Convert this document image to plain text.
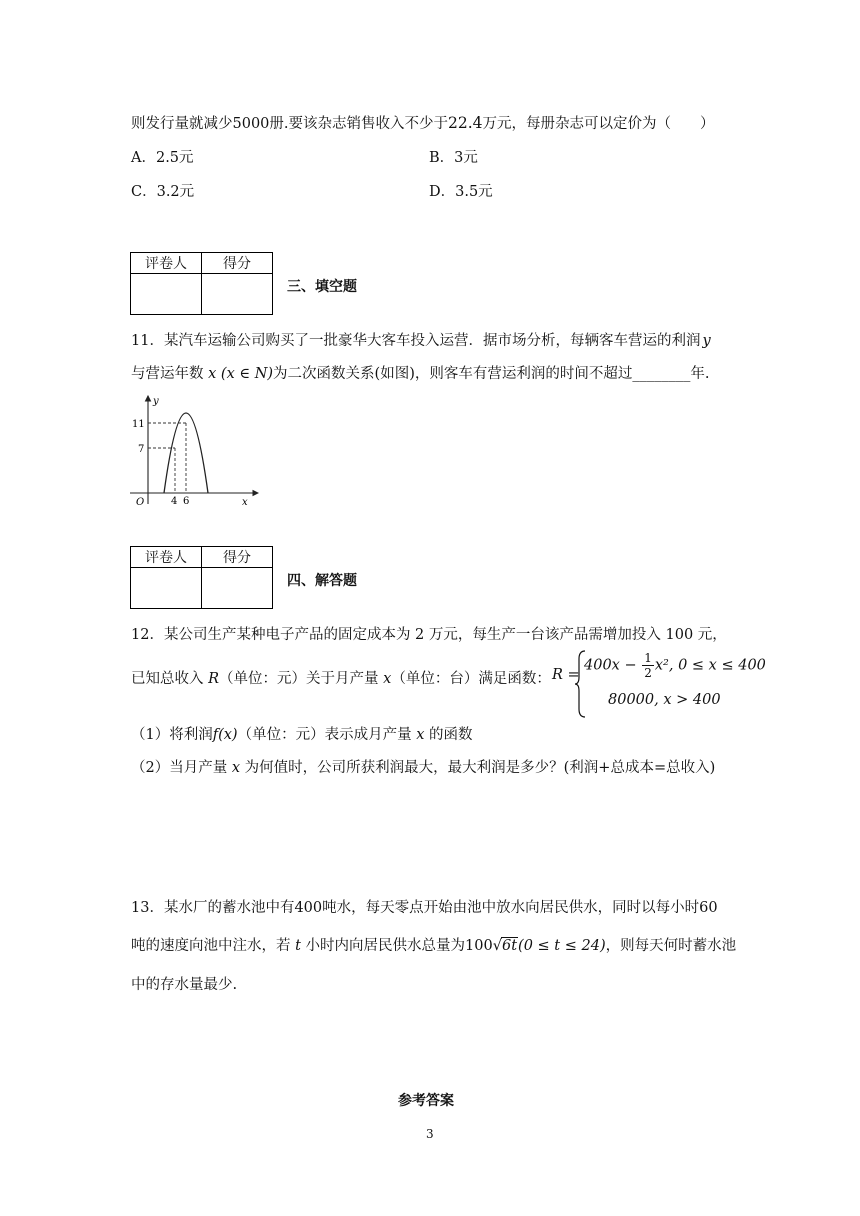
则发行量就减少5000册.要该杂志销售收入不少于22.4万元，每册杂志可以定价为（　　）
A．2.5元	B．3元
C．3.2元	D．3.5元
评卷人	得分

三、填空题
11．某汽车运输公司购买了一批豪华大客车投入运营．据市场分析，每辆客车营运的利润 y
与营运年数 x (x ∈ N)为二次函数关系(如图)，则客车有营运利润的时间不超过________年.
y
x
O
11
7
4 6
评卷人	得分

四、解答题
12．某公司生产某种电子产品的固定成本为 2 万元，每生产一台该产品需增加投入 100 元，
已知总收入 R（单位：元）关于月产量 x（单位：台）满足函数： R =
$400x - \frac{1}{2} x^2$, 0 ≤ x ≤ 400
80000, x > 400
（1）将利润f(x)（单位：元）表示成月产量 x 的函数
（2）当月产量 x 为何值时，公司所获利润最大，最大利润是多少？(利润+总成本=总收入)
13．某水厂的蓄水池中有400吨水，每天零点开始由池中放水向居民供水，同时以每小时60
吨的速度向池中注水，若 t 小时内向居民供水总量为100√6t(0 ≤ t ≤ 24)，则每天何时蓄水池
中的存水量最少.
参考答案
3
